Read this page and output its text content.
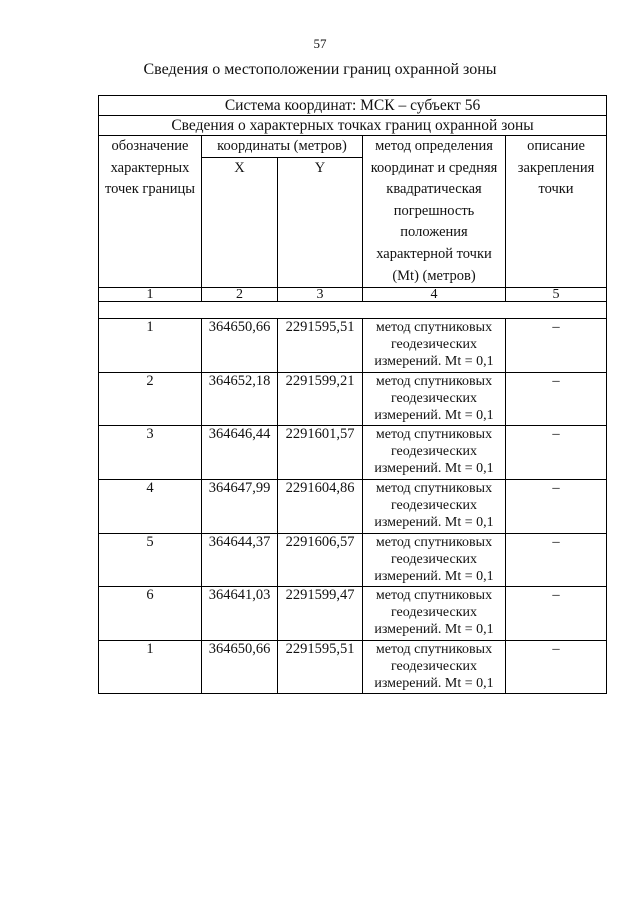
57
Сведения о местоположении границ охранной зоны
Система координат: МСК – субъект 56				
Сведения о характерных точках границ охранной зоны				
обозначение характерных точек границы	координаты (метров)		метод определения координат и средняя квадратическая погрешность положения характерной точки (Mt) (метров)	описание закрепления точки
	X	Y		
1	2	3	4	5

1	364650,66	2291595,51	метод спутниковых
геодезических
измерений. Mt = 0,1	–
2	364652,18	2291599,21	метод спутниковых
геодезических
измерений. Mt = 0,1	–
3	364646,44	2291601,57	метод спутниковых
геодезических
измерений. Mt = 0,1	–
4	364647,99	2291604,86	метод спутниковых
геодезических
измерений. Mt = 0,1	–
5	364644,37	2291606,57	метод спутниковых
геодезических
измерений. Mt = 0,1	–
6	364641,03	2291599,47	метод спутниковых
геодезических
измерений. Mt = 0,1	–
1	364650,66	2291595,51	метод спутниковых
геодезических
измерений. Mt = 0,1	–
